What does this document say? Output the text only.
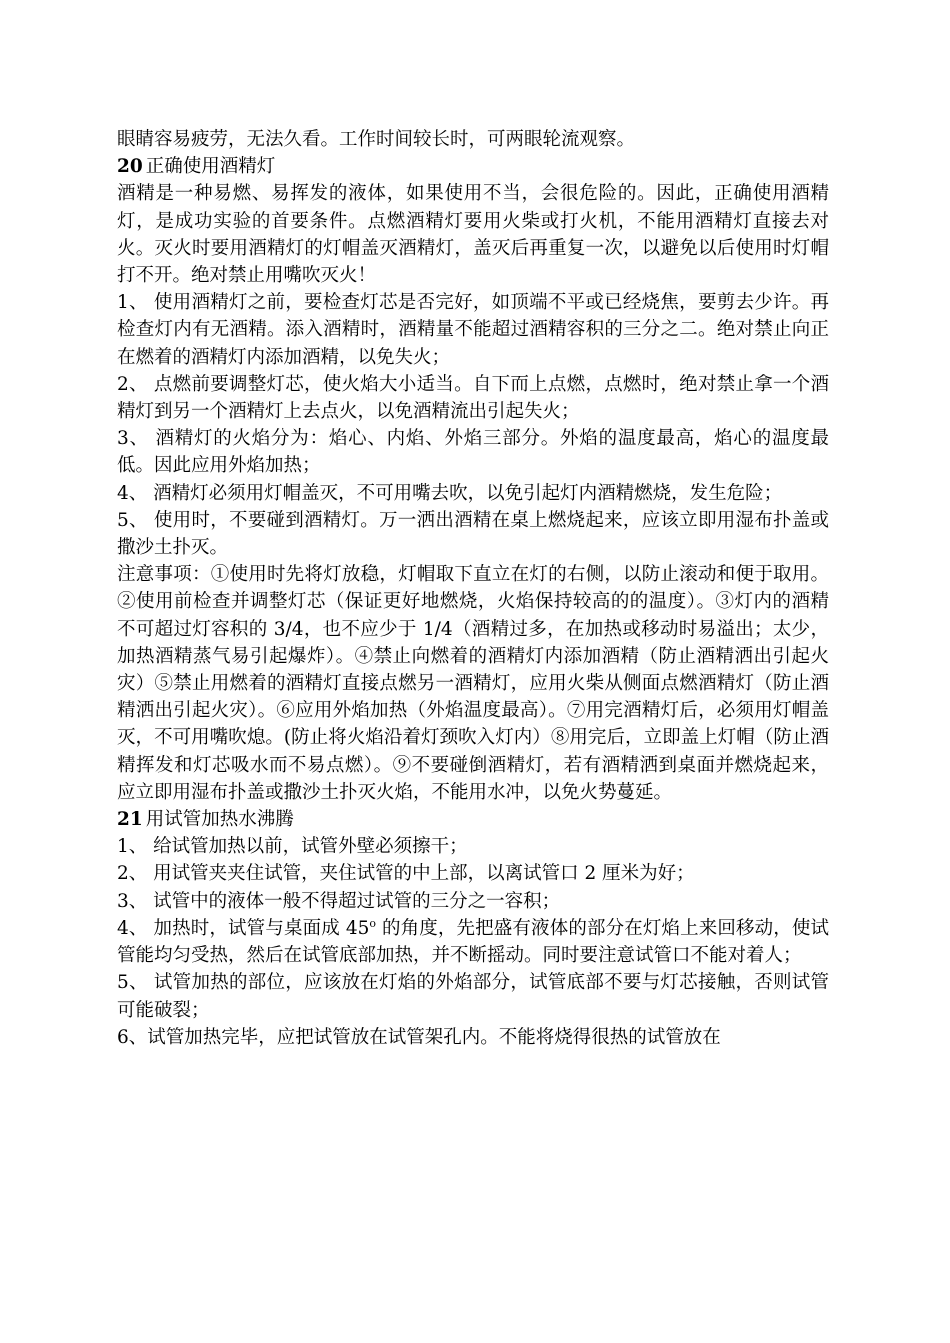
眼睛容易疲劳，无法久看。工作时间较长时，可两眼轮流观察。

20 正确使用酒精灯

酒精是一种易燃、易挥发的液体，如果使用不当，会很危险的。因此，正确使用酒精灯，是成功实验的首要条件。点燃酒精灯要用火柴或打火机，不能用酒精灯直接去对火。灭火时要用酒精灯的灯帽盖灭酒精灯，盖灭后再重复一次，以避免以后使用时灯帽打不开。绝对禁止用嘴吹灭火！

1、 使用酒精灯之前，要检查灯芯是否完好，如顶端不平或已经烧焦，要剪去少许。再检查灯内有无酒精。添入酒精时，酒精量不能超过酒精容积的三分之二。绝对禁止向正在燃着的酒精灯内添加酒精，以免失火；

2、 点燃前要调整灯芯，使火焰大小适当。自下而上点燃，点燃时，绝对禁止拿一个酒精灯到另一个酒精灯上去点火，以免酒精流出引起失火；

3、 酒精灯的火焰分为：焰心、内焰、外焰三部分。外焰的温度最高，焰心的温度最低。因此应用外焰加热；

4、 酒精灯必须用灯帽盖灭，不可用嘴去吹，以免引起灯内酒精燃烧，发生危险；

5、 使用时，不要碰到酒精灯。万一洒出酒精在桌上燃烧起来，应该立即用湿布扑盖或撒沙土扑灭。

注意事项：①使用时先将灯放稳，灯帽取下直立在灯的右侧，以防止滚动和便于取用。②使用前检查并调整灯芯（保证更好地燃烧，火焰保持较高的的温度）。③灯内的酒精不可超过灯容积的 3/4，也不应少于 1/4（酒精过多，在加热或移动时易溢出；太少，加热酒精蒸气易引起爆炸）。④禁止向燃着的酒精灯内添加酒精（防止酒精洒出引起火灾）⑤禁止用燃着的酒精灯直接点燃另一酒精灯，应用火柴从侧面点燃酒精灯（防止酒精洒出引起火灾）。⑥应用外焰加热（外焰温度最高）。⑦用完酒精灯后，必须用灯帽盖灭，不可用嘴吹熄。(防止将火焰沿着灯颈吹入灯内）⑧用完后，立即盖上灯帽（防止酒精挥发和灯芯吸水而不易点燃）。⑨不要碰倒酒精灯，若有酒精洒到桌面并燃烧起来，应立即用湿布扑盖或撒沙土扑灭火焰，不能用水冲，以免火势蔓延。

21 用试管加热水沸腾

1、 给试管加热以前，试管外壁必须擦干；

2、 用试管夹夹住试管，夹住试管的中上部，以离试管口 2 厘米为好；

3、 试管中的液体一般不得超过试管的三分之一容积；

4、 加热时，试管与桌面成 45$^o$ 的角度，先把盛有液体的部分在灯焰上来回移动，使试管能均匀受热，然后在试管底部加热，并不断摇动。同时要注意试管口不能对着人；

5、 试管加热的部位，应该放在灯焰的外焰部分，试管底部不要与灯芯接触，否则试管可能破裂；

6、试管加热完毕，应把试管放在试管架孔内。不能将烧得很热的试管放在
